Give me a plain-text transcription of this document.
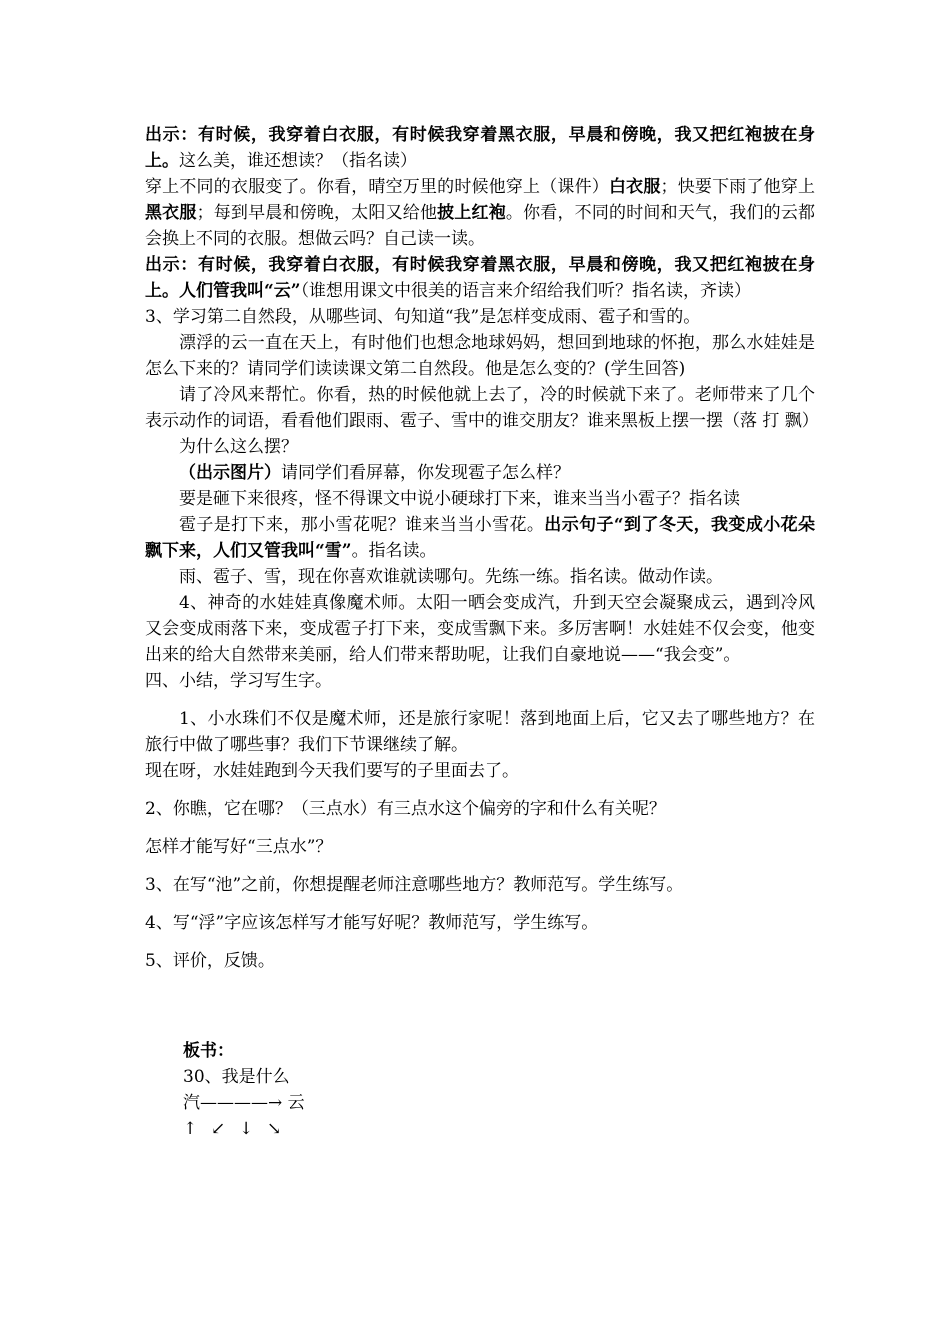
出示：有时候，我穿着白衣服，有时候我穿着黑衣服，早晨和傍晚，我又把红袍披在身上。这么美，谁还想读？（指名读）

穿上不同的衣服变了。你看，晴空万里的时候他穿上（课件）白衣服；快要下雨了他穿上黑衣服；每到早晨和傍晚，太阳又给他披上红袍。你看，不同的时间和天气，我们的云都会换上不同的衣服。想做云吗？自己读一读。

出示：有时候，我穿着白衣服，有时候我穿着黑衣服，早晨和傍晚，我又把红袍披在身上。人们管我叫“云”（谁想用课文中很美的语言来介绍给我们听？指名读，齐读）

3、学习第二自然段，从哪些词、句知道“我”是怎样变成雨、雹子和雪的。

漂浮的云一直在天上，有时他们也想念地球妈妈，想回到地球的怀抱，那么水娃娃是怎么下来的？请同学们读读课文第二自然段。他是怎么变的？(学生回答)

请了冷风来帮忙。你看，热的时候他就上去了，冷的时候就下来了。老师带来了几个表示动作的词语，看看他们跟雨、雹子、雪中的谁交朋友？谁来黑板上摆一摆（落 打 飘）

为什么这么摆？

（出示图片）请同学们看屏幕，你发现雹子怎么样？

要是砸下来很疼，怪不得课文中说小硬球打下来，谁来当当小雹子？指名读

雹子是打下来，那小雪花呢？谁来当当小雪花。出示句子“到了冬天，我变成小花朵飘下来，人们又管我叫“雪”。指名读。

雨、雹子、雪，现在你喜欢谁就读哪句。先练一练。指名读。做动作读。

4、神奇的水娃娃真像魔术师。太阳一晒会变成汽，升到天空会凝聚成云，遇到冷风又会变成雨落下来，变成雹子打下来，变成雪飘下来。多厉害啊！水娃娃不仅会变，他变出来的给大自然带来美丽，给人们带来帮助呢，让我们自豪地说——“我会变”。

四、小结，学习写生字。

1、小水珠们不仅是魔术师，还是旅行家呢！落到地面上后，它又去了哪些地方？在旅行中做了哪些事？我们下节课继续了解。

现在呀，水娃娃跑到今天我们要写的子里面去了。

2、你瞧，它在哪？（三点水）有三点水这个偏旁的字和什么有关呢？

怎样才能写好“三点水”？

3、在写“池”之前，你想提醒老师注意哪些地方？教师范写。学生练写。

4、写“浮”字应该怎样写才能写好呢？教师范写，学生练写。

5、评价，反馈。

板书：

30、我是什么

汽————→ 云

↑ ↙ ↓ ↘
